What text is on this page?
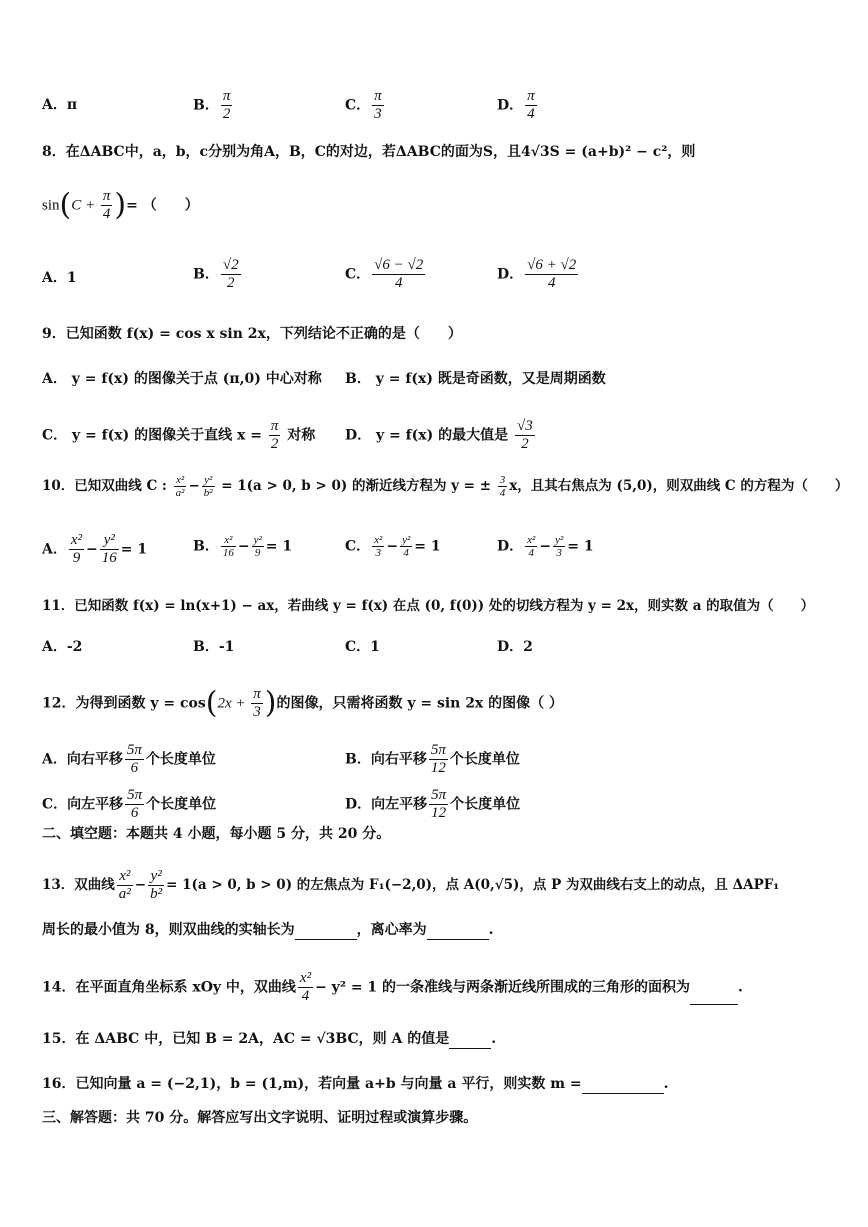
A．π	B． $\frac{\pi}{2}$	C． $\frac{\pi}{3}$	D． $\frac{\pi}{4}$
8．在ΔABC中，a，b，c分别为角A，B，C的对边，若ΔABC的面为S，且4√3S = (a+b)² − c²，则
$\sin(C + \frac{\pi}{4}$ )= （　　）
A．1	B． $\frac{√2}{2}$	C． $\frac{√6 - √2}{4}$	D． $\frac{√6 + √2}{4}$
9．已知函数 f(x) = cos x sin 2x，下列结论不正确的是（　　）
A． y = f(x) 的图像关于点 (π,0) 中心对称 B． y = f(x) 既是奇函数，又是周期函数
C． y = f(x) 的图像关于直线 $x = \frac{\pi}{2}$ 对称 D． y = f(x) 的最大值是 $\frac{√3}{2}$
10．已知双曲线 C : $\frac{\text{x²}}{\text{a²}} - \frac{\text{y²}}{\text{b²}} = 1(a > 0$, b > 0) 的渐近线方程为 y = ± $\frac{3}{4}$ x，且其右焦点为 (5,0)，则双曲线 C 的方程为（　　）
A． $\frac{\text{x²}}{9} - \frac{\text{y²}}{16} = 1$	B． $\frac{\text{x²}}{16} - \frac{\text{y²}}{9} = 1$	C． $\frac{\text{x²}}{3} - \frac{\text{y²}}{4} = 1$	D． $\frac{\text{x²}}{4} - \frac{\text{y²}}{3} = 1$
11．已知函数 f(x) = ln(x+1) − ax，若曲线 y = f(x) 在点 (0, f(0)) 处的切线方程为 y = 2x，则实数 a 的取值为（　　）
A．-2	B．-1	C．1	D．2
12．为得到函数 $y = \cos(2x + \frac{\pi}{3}$ )的图像，只需将函数 y = sin 2x 的图像（ ）
A．向右平移 $\frac{5\pi}{6}$ 个长度单位	B．向右平移 $\frac{5\pi}{12}$ 个长度单位
C．向左平移 $\frac{5\pi}{6}$ 个长度单位	D．向左平移 $\frac{5\pi}{12}$ 个长度单位
二、填空题：本题共 4 小题，每小题 5 分，共 20 分。
13．双曲线 $\frac{\text{x²}}{\text{a²}} - \frac{\text{y²}}{\text{b²}} = 1(a > 0$, b > 0) 的左焦点为 F₁(−2,0)，点 A(0,√5)，点 P 为双曲线右支上的动点，且 ΔAPF₁
周长的最小值为 8，则双曲线的实轴长为	，离心率为	.
14．在平面直角坐标系 xOy 中，双曲线 $\frac{\text{x²}}{4} - y^2 = 1$ 的一条准线与两条渐近线所围成的三角形的面积为	.
15．在 ΔABC 中，已知 B = 2A，AC = √3BC，则 A 的值是	.
16．已知向量 a = (−2,1)，b = (1,m)，若向量 a+b 与向量 a 平行，则实数 m =	.
三、解答题：共 70 分。解答应写出文字说明、证明过程或演算步骤。
